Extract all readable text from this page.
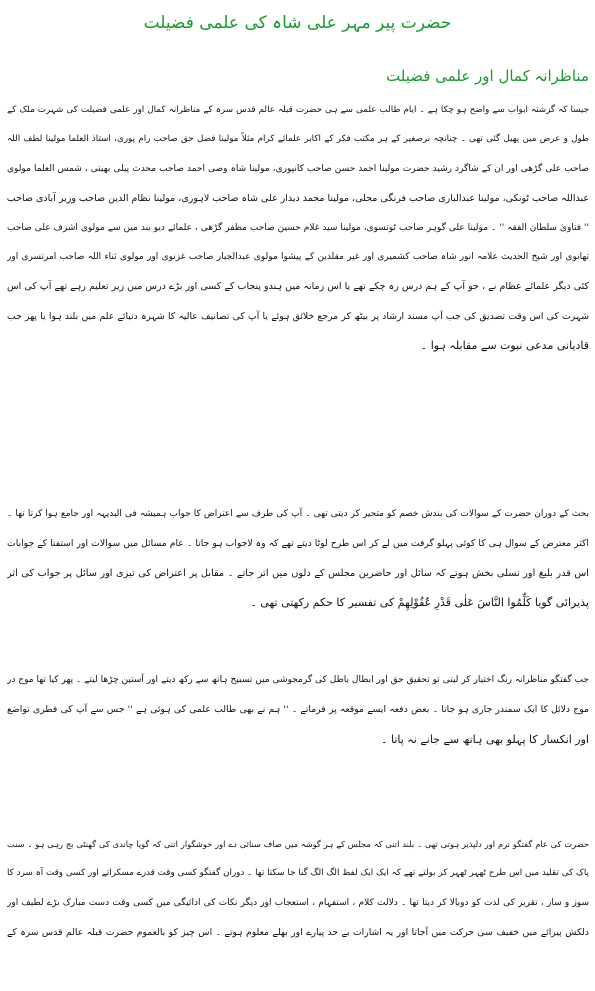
حضرت پیر مہر علی شاہ کی علمی فضیلت
مناظرانہ کمال اور علمی فضیلت
جیسا کہ گزشتہ ابواب سے واضح ہو چکا ہے ۔ ایام طالب علمی سے ہی حضرت قبلہ عالم قدس سرہ کے مناظرانہ کمال اور علمی فضیلت کی شہرت ملک کے
طول و عرض میں پھیل گئی تھی ۔ چنانچہ برصغیر کے ہر مکتب فکر کے اکابر علمائے کرام مثلاً مولینا فضل حق صاحب رام پوری، استاذ العلما مولینا لطف اللہ
صاحب علی گڑھی اور ان کے شاگرد رشید حضرت مولینا احمد حسن صاحب کانپوری، مولینا شاہ وصی احمد صاحب محدث پیلی بھیتی ، شمس العلما مولوی
عبداللہ صاحب ٹونکی، مولینا عبدالباری صاحب فرنگی محلی، مولینا محمد دیدار علی شاہ صاحب لاہوری، مولینا نظام الدین صاحب وزیر آبادی صاحب
'' فتاویٰ سلطان الفقہ '' ۔ مولینا علی گوہر صاحب ٹونسوی، مولینا سید غلام حسین صاحب مظفر گڑھی ، علمائے دیو بند میں سے مولوی اشرف علی صاحب
تھانوی اور شیخ الحدیث علامہ انور شاہ صاحب کشمیری اور غیر مقلدین کے پیشوا مولوی عبدالجبار صاحب غزنوی اور مولوی ثناء اللہ صاحب امرتسری اور
کئی دیگر علمائے عظام نے ، جو آپ کے ہم درس رہ چکے تھے یا اس زمانہ میں ہندو پنجاب کے کسی اور بڑے درس میں زیر تعلیم رہے تھے آپ کی اس
شہرت کی اس وقت تصدیق کی جب آپ مسند ارشاد پر بیٹھ کر مرجع خلائق ہوئے یا آپ کی تصانیف عالیہ کا شہرہ دنیائے علم میں بلند ہوا یا پھر جب
قادیانی مدعی نبوت سے مقابلہ ہوا ۔
بحث کے دوران حضرت کے سوالات کی بندش خصم کو متحیر کر دیتی تھی ۔ آپ کی طرف سے اعتراض کا جواب ہمیشہ فی البدیہہ اور جامع ہوا کرتا تھا ۔
اکثر معترض کے سوال ہی کا کوئی پہلو گرفت میں لے کر اس طرح لوٹا دیتے تھے کہ وہ لاجواب ہو جاتا ۔ عام مسائل میں سوالات اور استفتا کے جوابات
اس قدر بلیغ اور تسلی بخش ہوتے کہ سائل اور حاضرین مجلس کے دلوں میں اتر جاتے ۔ مقابل پر اعتراض کی تیزی اور سائل پر جواب کی اثر
پذیرائی گویا کَلِّمُوا النَّاسَ عَلٰی قَدْرِ عُقُوْلِھِمْ کی تفسیر کا حکم رکھتی تھی ۔
جب گفتگو مناظرانہ رنگ اختیار کر لیتی تو تحقیق حق اور ابطال باطل کی گرمجوشی میں تسبیح ہاتھ سے رکھ دیتے اور آستین چڑھا لیتے ۔ پھر کیا تھا موج در
موج دلائل کا ایک سمندر جاری ہو جاتا ۔ بعض دفعہ ایسے موقعہ پر فرماتے ۔ '' ہم نے بھی طالب علمی کی ہوئی ہے '' جس سے آپ کی فطری تواضع
اور انکسار کا پہلو بھی ہاتھ سے جانے نہ پاتا ۔
حضرت کی عام گفتگو نرم اور دلپذیر ہوتی تھی ۔ بلند اتنی کہ مجلس کے ہر گوشہ میں صاف سنائی دے اور خوشگوار اتنی کہ گویا چاندی کی گھنٹی بج رہی ہو ۔ سنت
پاک کی تقلید میں اس طرح ٹھہر ٹھہر کر بولتے تھے کہ ایک ایک لفظ الگ الگ گنا جا سکتا تھا ۔ دوران گفتگو کسی وقت قدرے مسکراتے اور کسی وقت آہ سرد کا
سوز و ساز ، تقریر کی لذت کو دوبالا کر دیتا تھا ۔ دلالت کلام ، استفہام ، استعجاب اور دیگر نکات کی ادائیگی میں کسی وقت دست مبارک بڑے لطیف اور
دلکش پیرائے میں خفیف سی حرکت میں آجاتا اور یہ اشارات بے حد پیارے اور بھلے معلوم ہوتے ۔ اس چیز کو بالعموم حضرت قبلہ عالم قدس سرہ کے
